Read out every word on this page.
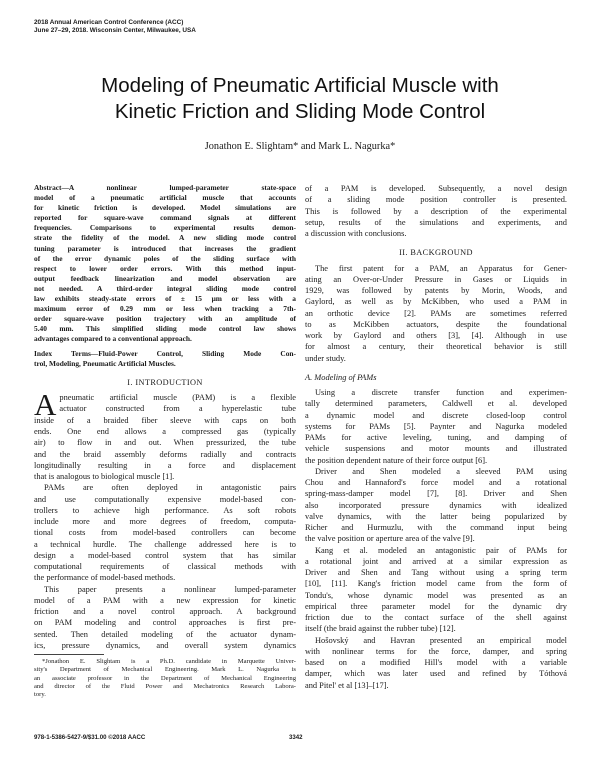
2018 Annual American Control Conference (ACC)
June 27–29, 2018. Wisconsin Center, Milwaukee, USA
Modeling of Pneumatic Artificial Muscle with
Kinetic Friction and Sliding Mode Control
Jonathon E. Slightam* and Mark L. Nagurka*
Abstract—A nonlinear lumped-parameter state-space
model of a pneumatic artificial muscle that accounts
for kinetic friction is developed. Model simulations are
reported for square-wave command signals at different
frequencies. Comparisons to experimental results demon-
strate the fidelity of the model. A new sliding mode control
tuning parameter is introduced that increases the gradient
of the error dynamic poles of the sliding surface with
respect to lower order errors. With this method input-
output feedback linearization and model observation are
not needed. A third-order integral sliding mode control
law exhibits steady-state errors of ± 15 μm or less with a
maximum error of 0.29 mm or less when tracking a 7th-
order square-wave position trajectory with an amplitude of
5.40 mm. This simplified sliding mode control law shows
advantages compared to a conventional approach.
Index Terms—Fluid-Power Control, Sliding Mode Con-
trol, Modeling, Pneumatic Artificial Muscles.
I. INTRODUCTION
A pneumatic artificial muscle (PAM) is a flexible
actuator constructed from a hyperelastic tube
inside of a braided fiber sleeve with caps on both
ends. One end allows a compressed gas (typically
air) to flow in and out. When pressurized, the tube
and the braid assembly deforms radially and contracts
longitudinally resulting in a force and displacement
that is analogous to biological muscle [1].
PAMs are often deployed in antagonistic pairs
and use computationally expensive model-based con-
trollers to achieve high performance. As soft robots
include more and more degrees of freedom, computa-
tional costs from model-based controllers can become
a technical hurdle. The challenge addressed here is to
design a model-based control system that has similar
computational requirements of classical methods with
the performance of model-based methods.
This paper presents a nonlinear lumped-parameter
model of a PAM with a new expression for kinetic
friction and a novel control approach. A background
on PAM modeling and control approaches is first pre-
sented. Then detailed modeling of the actuator dynam-
ics, pressure dynamics, and overall system dynamics
*Jonathon E. Slightam is a Ph.D. candidate in Marquette Univer-
sity's Department of Mechanical Engineering. Mark L. Nagurka is
an associate professor in the Department of Mechanical Engineering
and director of the Fluid Power and Mechatronics Research Labora-
tory.
of a PAM is developed. Subsequently, a novel design
of a sliding mode position controller is presented.
This is followed by a description of the experimental
setup, results of the simulations and experiments, and
a discussion with conclusions.
II. BACKGROUND
The first patent for a PAM, an Apparatus for Gener-
ating an Over-or-Under Pressure in Gases or Liquids in
1929, was followed by patents by Morin, Woods, and
Gaylord, as well as by McKibben, who used a PAM in
an orthotic device [2]. PAMs are sometimes referred
to as McKibben actuators, despite the foundational
work by Gaylord and others [3], [4]. Although in use
for almost a century, their theoretical behavior is still
under study.
A. Modeling of PAMs
Using a discrete transfer function and experimen-
tally determined parameters, Caldwell et al. developed
a dynamic model and discrete closed-loop control
systems for PAMs [5]. Paynter and Nagurka modeled
PAMs for active leveling, tuning, and damping of
vehicle suspensions and motor mounts and illustrated
the position dependent nature of their force output [6].
Driver and Shen modeled a sleeved PAM using
Chou and Hannaford's force model and a rotational
spring-mass-damper model [7], [8]. Driver and Shen
also incorporated pressure dynamics with idealized
valve dynamics, with the latter being popularized by
Richer and Hurmuzlu, with the command input being
the valve position or aperture area of the valve [9].
Kang et al. modeled an antagonistic pair of PAMs for
a rotational joint and arrived at a similar expression as
Driver and Shen and Tang without using a spring term
[10], [11]. Kang's friction model came from the form of
Tondu's, whose dynamic model was presented as an
empirical three parameter model for the dynamic dry
friction due to the contact surface of the shell against
itself (the braid against the rubber tube) [12].
Hošovský and Havran presented an empirical model
with nonlinear terms for the force, damper, and spring
based on a modified Hill's model with a variable
damper, which was later used and refined by Tóthová
and Pitel' et al [13]–[17].
978-1-5386-5427-9/$31.00 ©2018 AACC	3342
